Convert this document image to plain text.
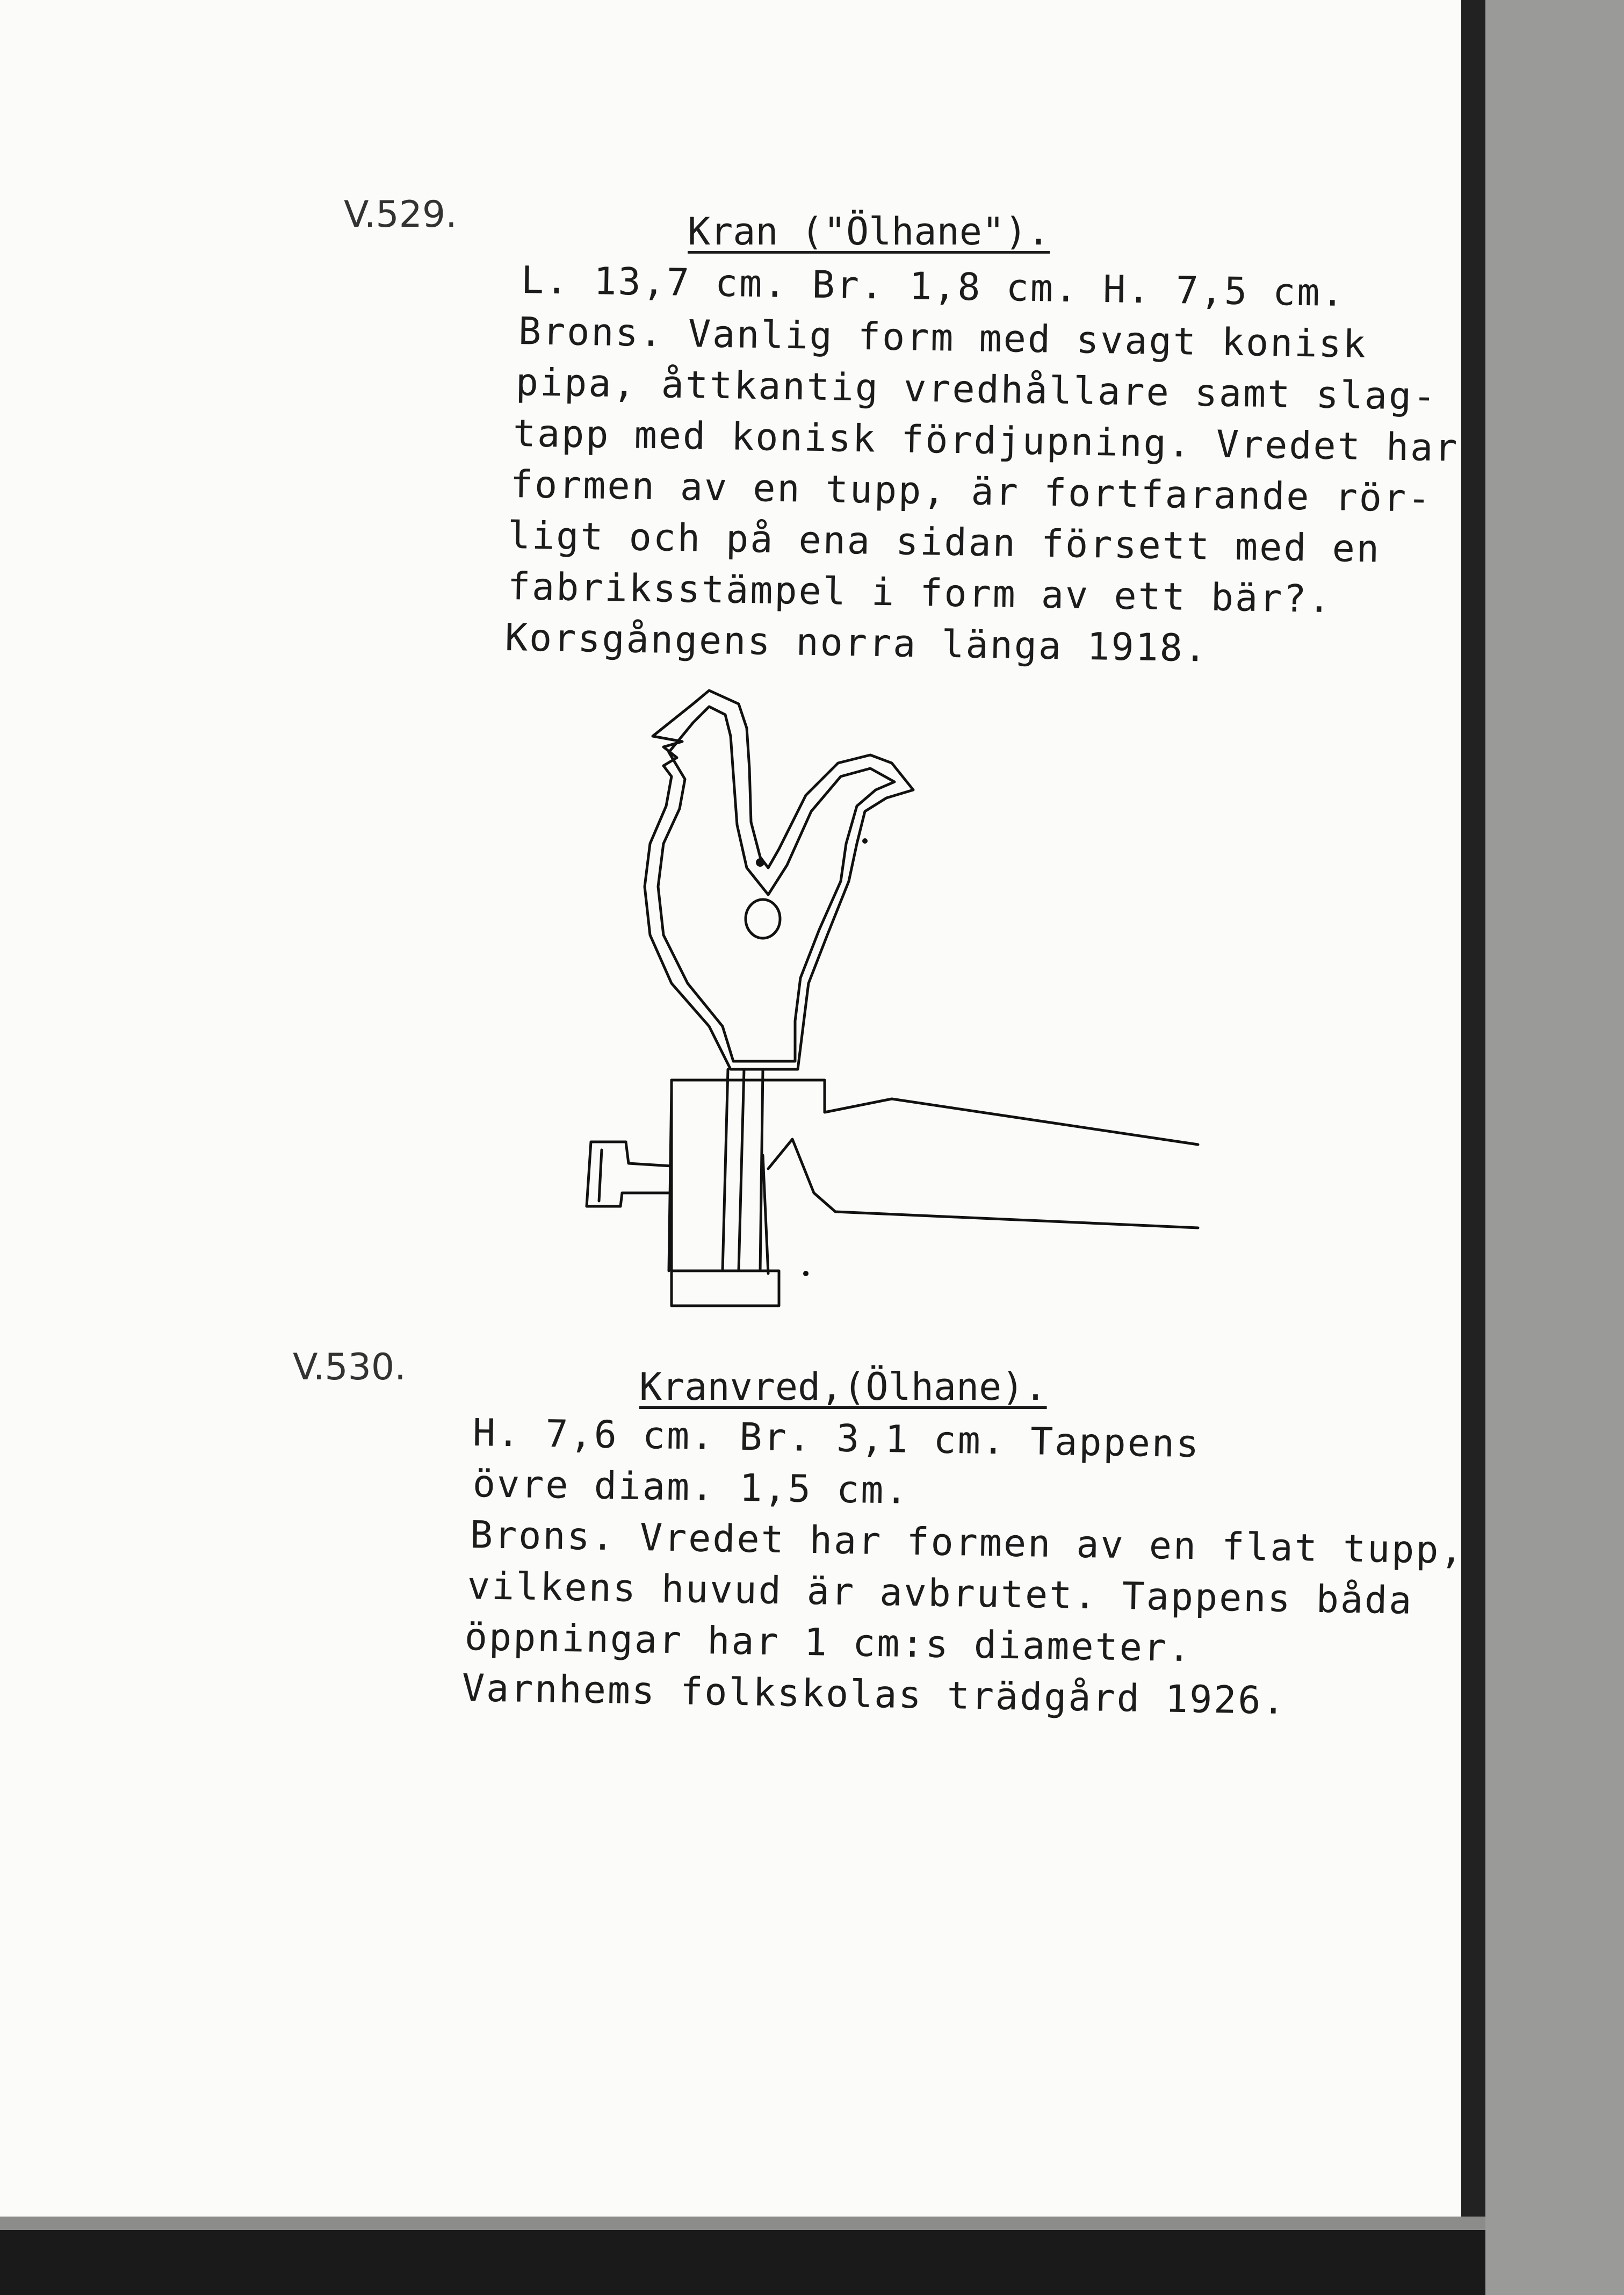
V.529.	Kran ("Ölhane").
L. 13,7 cm. Br. 1,8 cm. H. 7,5 cm.
Brons. Vanlig form med svagt konisk
pipa, åttkantig vredhållare samt slag-
tapp med konisk fördjupning. Vredet har
formen av en tupp, är fortfarande rör-
ligt och på ena sidan försett med en
fabriksstämpel i form av ett bär?.
Korsgångens norra länga 1918.
V.530.	Kranvred,(Ölhane).
H. 7,6 cm. Br. 3,1 cm. Tappens
övre diam. 1,5 cm.
Brons. Vredet har formen av en flat tupp,
vilkens huvud är avbrutet. Tappens båda
öppningar har 1 cm:s diameter.
Varnhems folkskolas trädgård 1926.
